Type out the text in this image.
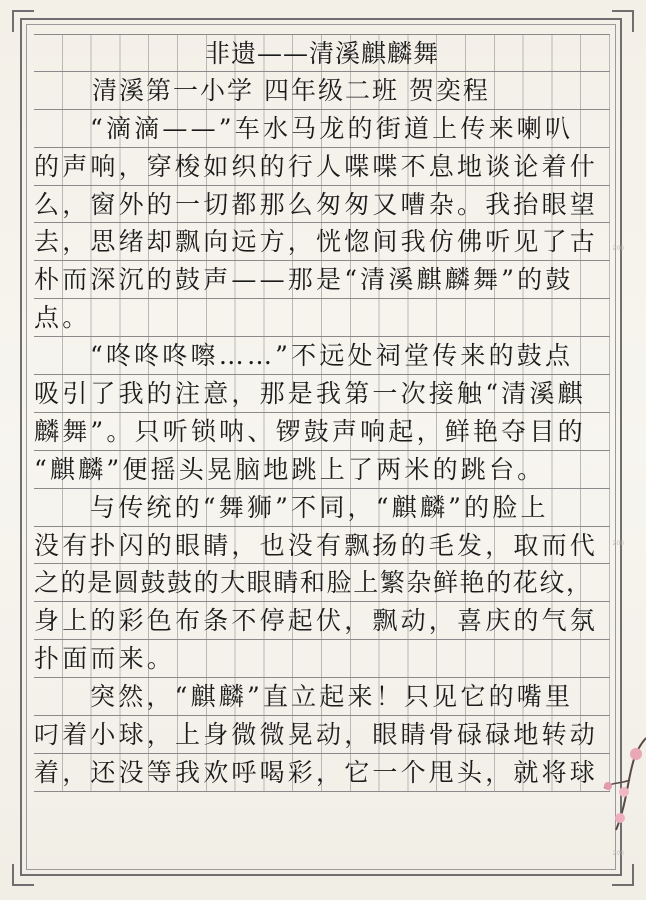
非遗——清溪麒麟舞
清溪第一小学 四年级二班 贺奕程
“滴滴——”车水马龙的街道上传来喇叭
的声响，穿梭如织的行人喋喋不息地谈论着什
么，窗外的一切都那么匆匆又嘈杂。我抬眼望
去，思绪却飘向远方，恍惚间我仿佛听见了古
朴而深沉的鼓声——那是“清溪麒麟舞”的鼓
点。
“咚咚咚嚓……”不远处祠堂传来的鼓点
吸引了我的注意，那是我第一次接触“清溪麒
麟舞”。只听锁呐、锣鼓声响起，鲜艳夺目的
“麒麟”便摇头晃脑地跳上了两米的跳台。
与传统的“舞狮”不同，“麒麟”的脸上
没有扑闪的眼睛，也没有飘扬的毛发，取而代
之的是圆鼓鼓的大眼睛和脸上繁杂鲜艳的花纹，
身上的彩色布条不停起伏，飘动，喜庆的气氛
扑面而来。
突然，“麒麟”直立起来！只见它的嘴里
叼着小球，上身微微晃动，眼睛骨碌碌地转动
着，还没等我欢呼喝彩，它一个甩头，就将球
200
200
200
